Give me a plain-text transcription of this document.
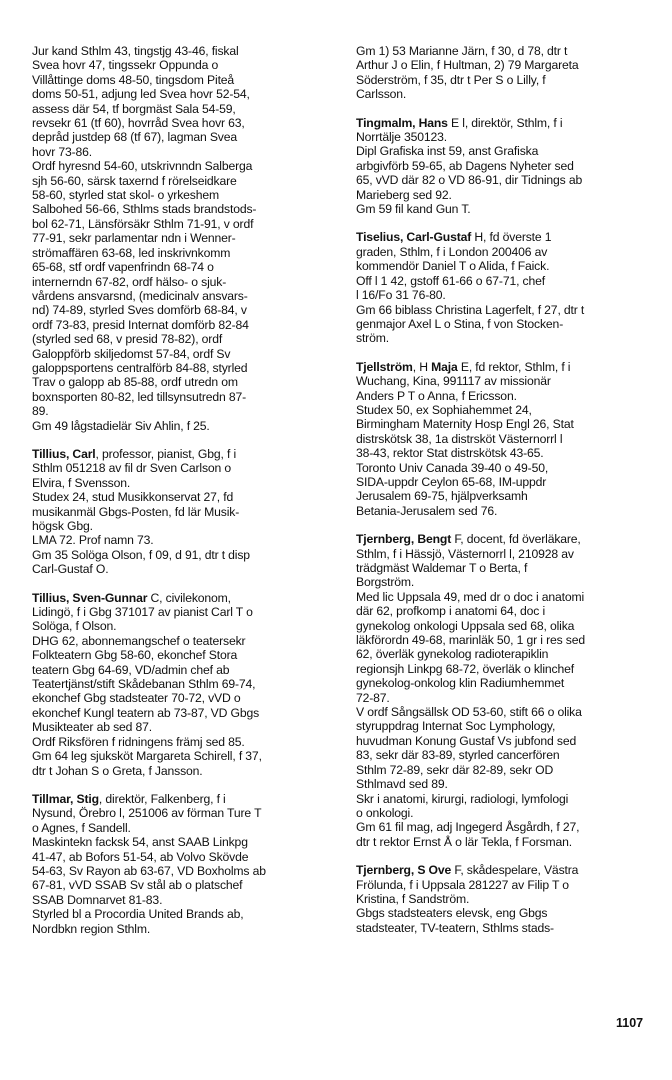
Jur kand Sthlm 43, tingstjg 43-46, fiskal
Svea hovr 47, tingssekr Oppunda o
Villåttinge doms 48-50, tingsdom Piteå
doms 50-51, adjung led Svea hovr 52-54,
assess där 54, tf borgmäst Sala 54-59,
revsekr 61 (tf 60), hovrråd Svea hovr 63,
depråd justdep 68 (tf 67), lagman Svea
hovr 73-86.
Ordf hyresnd 54-60, utskrivnndn Salberga
sjh 56-60, särsk taxernd f rörelseidkare
58-60, styrled stat skol- o yrkeshem
Salbohed 56-66, Sthlms stads brandstods-
bol 62-71, Länsförsäkr Sthlm 71-91, v ordf
77-91, sekr parlamentar ndn i Wenner-
strömaffären 63-68, led inskrivnkomm
65-68, stf ordf vapenfrindn 68-74 o
internerndn 67-82, ordf hälso- o sjuk-
vårdens ansvarsnd, (medicinalv ansvars-
nd) 74-89, styrled Sves domförb 68-84, v
ordf 73-83, presid Internat domförb 82-84
(styrled sed 68, v presid 78-82), ordf
Galoppförb skiljedomst 57-84, ordf Sv
galoppsportens centralförb 84-88, styrled
Trav o galopp ab 85-88, ordf utredn om
boxnsporten 80-82, led tillsynsutredn 87-
89.
Gm 49 lågstadielär Siv Ahlin, f 25.
Tillius, Carl, professor, pianist, Gbg, f i
Sthlm 051218 av fil dr Sven Carlson o
Elvira, f Svensson.
Studex 24, stud Musikkonservat 27, fd
musikanmäl Gbgs-Posten, fd lär Musik-
högsk Gbg.
LMA 72. Prof namn 73.
Gm 35 Solöga Olson, f 09, d 91, dtr t disp
Carl-Gustaf O.
Tillius, Sven-Gunnar C, civilekonom,
Lidingö, f i Gbg 371017 av pianist Carl T o
Solöga, f Olson.
DHG 62, abonnemangschef o teatersekr
Folkteatern Gbg 58-60, ekonchef Stora
teatern Gbg 64-69, VD/admin chef ab
Teatertjänst/stift Skådebanan Sthlm 69-74,
ekonchef Gbg stadsteater 70-72, vVD o
ekonchef Kungl teatern ab 73-87, VD Gbgs
Musikteater ab sed 87.
Ordf Riksfören f ridningens främj sed 85.
Gm 64 leg sjuksköt Margareta Schirell, f 37,
dtr t Johan S o Greta, f Jansson.
Tillmar, Stig, direktör, Falkenberg, f i
Nysund, Örebro l, 251006 av förman Ture T
o Agnes, f Sandell.
Maskintekn facksk 54, anst SAAB Linkpg
41-47, ab Bofors 51-54, ab Volvo Skövde
54-63, Sv Rayon ab 63-67, VD Boxholms ab
67-81, vVD SSAB Sv stål ab o platschef
SSAB Domnarvet 81-83.
Styrled bl a Procordia United Brands ab,
Nordbkn region Sthlm.
Gm 1) 53 Marianne Järn, f 30, d 78, dtr t
Arthur J o Elin, f Hultman, 2) 79 Margareta
Söderström, f 35, dtr t Per S o Lilly, f
Carlsson.
Tingmalm, Hans E l, direktör, Sthlm, f i
Norrtälje 350123.
Dipl Grafiska inst 59, anst Grafiska
arbgivförb 59-65, ab Dagens Nyheter sed
65, vVD där 82 o VD 86-91, dir Tidnings ab
Marieberg sed 92.
Gm 59 fil kand Gun T.
Tiselius, Carl-Gustaf H, fd överste 1
graden, Sthlm, f i London 200406 av
kommendör Daniel T o Alida, f Faick.
Off l 1 42, gstoff 61-66 o 67-71, chef
l 16/Fo 31 76-80.
Gm 66 biblass Christina Lagerfelt, f 27, dtr t
genmajor Axel L o Stina, f von Stocken-
ström.
Tjellström, H Maja E, fd rektor, Sthlm, f i
Wuchang, Kina, 991117 av missionär
Anders P T o Anna, f Ericsson.
Studex 50, ex Sophiahemmet 24,
Birmingham Maternity Hosp Engl 26, Stat
distrskötsk 38, 1a distrsköt Västernorrl l
38-43, rektor Stat distrskötsk 43-65.
Toronto Univ Canada 39-40 o 49-50,
SIDA-uppdr Ceylon 65-68, IM-uppdr
Jerusalem 69-75, hjälpverksamh
Betania-Jerusalem sed 76.
Tjernberg, Bengt F, docent, fd överläkare,
Sthlm, f i Hässjö, Västernorrl l, 210928 av
trädgmäst Waldemar T o Berta, f
Borgström.
Med lic Uppsala 49, med dr o doc i anatomi
där 62, profkomp i anatomi 64, doc i
gynekolog onkologi Uppsala sed 68, olika
läkförordn 49-68, marinläk 50, 1 gr i res sed
62, överläk gynekolog radioterapiklin
regionsjh Linkpg 68-72, överläk o klinchef
gynekolog-onkolog klin Radiumhemmet
72-87.
V ordf Sångsällsk OD 53-60, stift 66 o olika
styruppdrag Internat Soc Lymphology,
huvudman Konung Gustaf Vs jubfond sed
83, sekr där 83-89, styrled cancerfören
Sthlm 72-89, sekr där 82-89, sekr OD
Sthlmavd sed 89.
Skr i anatomi, kirurgi, radiologi, lymfologi
o onkologi.
Gm 61 fil mag, adj Ingegerd Åsgårdh, f 27,
dtr t rektor Ernst Å o lär Tekla, f Forsman.
Tjernberg, S Ove F, skådespelare, Västra
Frölunda, f i Uppsala 281227 av Filip T o
Kristina, f Sandström.
Gbgs stadsteaters elevsk, eng Gbgs
stadsteater, TV-teatern, Sthlms stads-
1107
